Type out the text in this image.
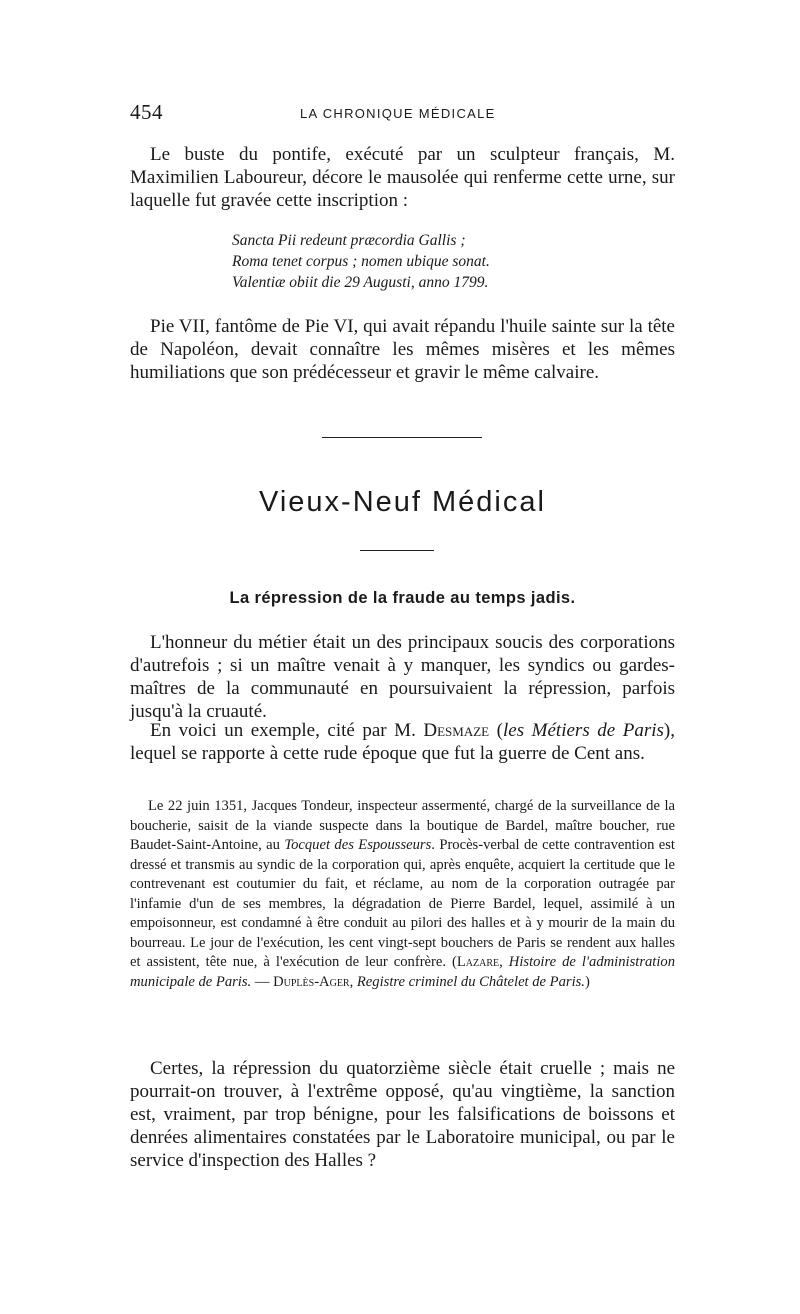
454	LA CHRONIQUE MÉDICALE

Le buste du pontife, exécuté par un sculpteur français, M. Maximilien Laboureur, décore le mausolée qui renferme cette urne, sur laquelle fut gravée cette inscription :

Sancta Pii redeunt præcordia Gallis ;
Roma tenet corpus ; nomen ubique sonat.
Valentiæ obiit die 29 Augusti, anno 1799.

Pie VII, fantôme de Pie VI, qui avait répandu l'huile sainte sur la tête de Napoléon, devait connaître les mêmes misères et les mêmes humiliations que son prédécesseur et gravir le même calvaire.

Vieux-Neuf Médical
La répression de la fraude au temps jadis.

L'honneur du métier était un des principaux soucis des corporations d'autrefois ; si un maître venait à y manquer, les syndics ou gardes-maîtres de la communauté en poursuivaient la répression, parfois jusqu'à la cruauté.

En voici un exemple, cité par M. Desmaze (les Métiers de Paris), lequel se rapporte à cette rude époque que fut la guerre de Cent ans.

Le 22 juin 1351, Jacques Tondeur, inspecteur assermenté, chargé de la surveillance de la boucherie, saisit de la viande suspecte dans la boutique de Bardel, maître boucher, rue Baudet-Saint-Antoine, au Tocquet des Espousseurs. Procès-verbal de cette contravention est dressé et transmis au syndic de la corporation qui, après enquête, acquiert la certitude que le contrevenant est coutumier du fait, et réclame, au nom de la corporation outragée par l'infamie d'un de ses membres, la dégradation de Pierre Bardel, lequel, assimilé à un empoisonneur, est condamné à être conduit au pilori des halles et à y mourir de la main du bourreau. Le jour de l'exécution, les cent vingt-sept bouchers de Paris se rendent aux halles et assistent, tête nue, à l'exécution de leur confrère. (Lazare, Histoire de l'administration municipale de Paris. — Duplès-Ager, Registre criminel du Châtelet de Paris.)

Certes, la répression du quatorzième siècle était cruelle ; mais ne pourrait-on trouver, à l'extrême opposé, qu'au vingtième, la sanction est, vraiment, par trop bénigne, pour les falsifications de boissons et denrées alimentaires constatées par le Laboratoire municipal, ou par le service d'inspection des Halles ?
